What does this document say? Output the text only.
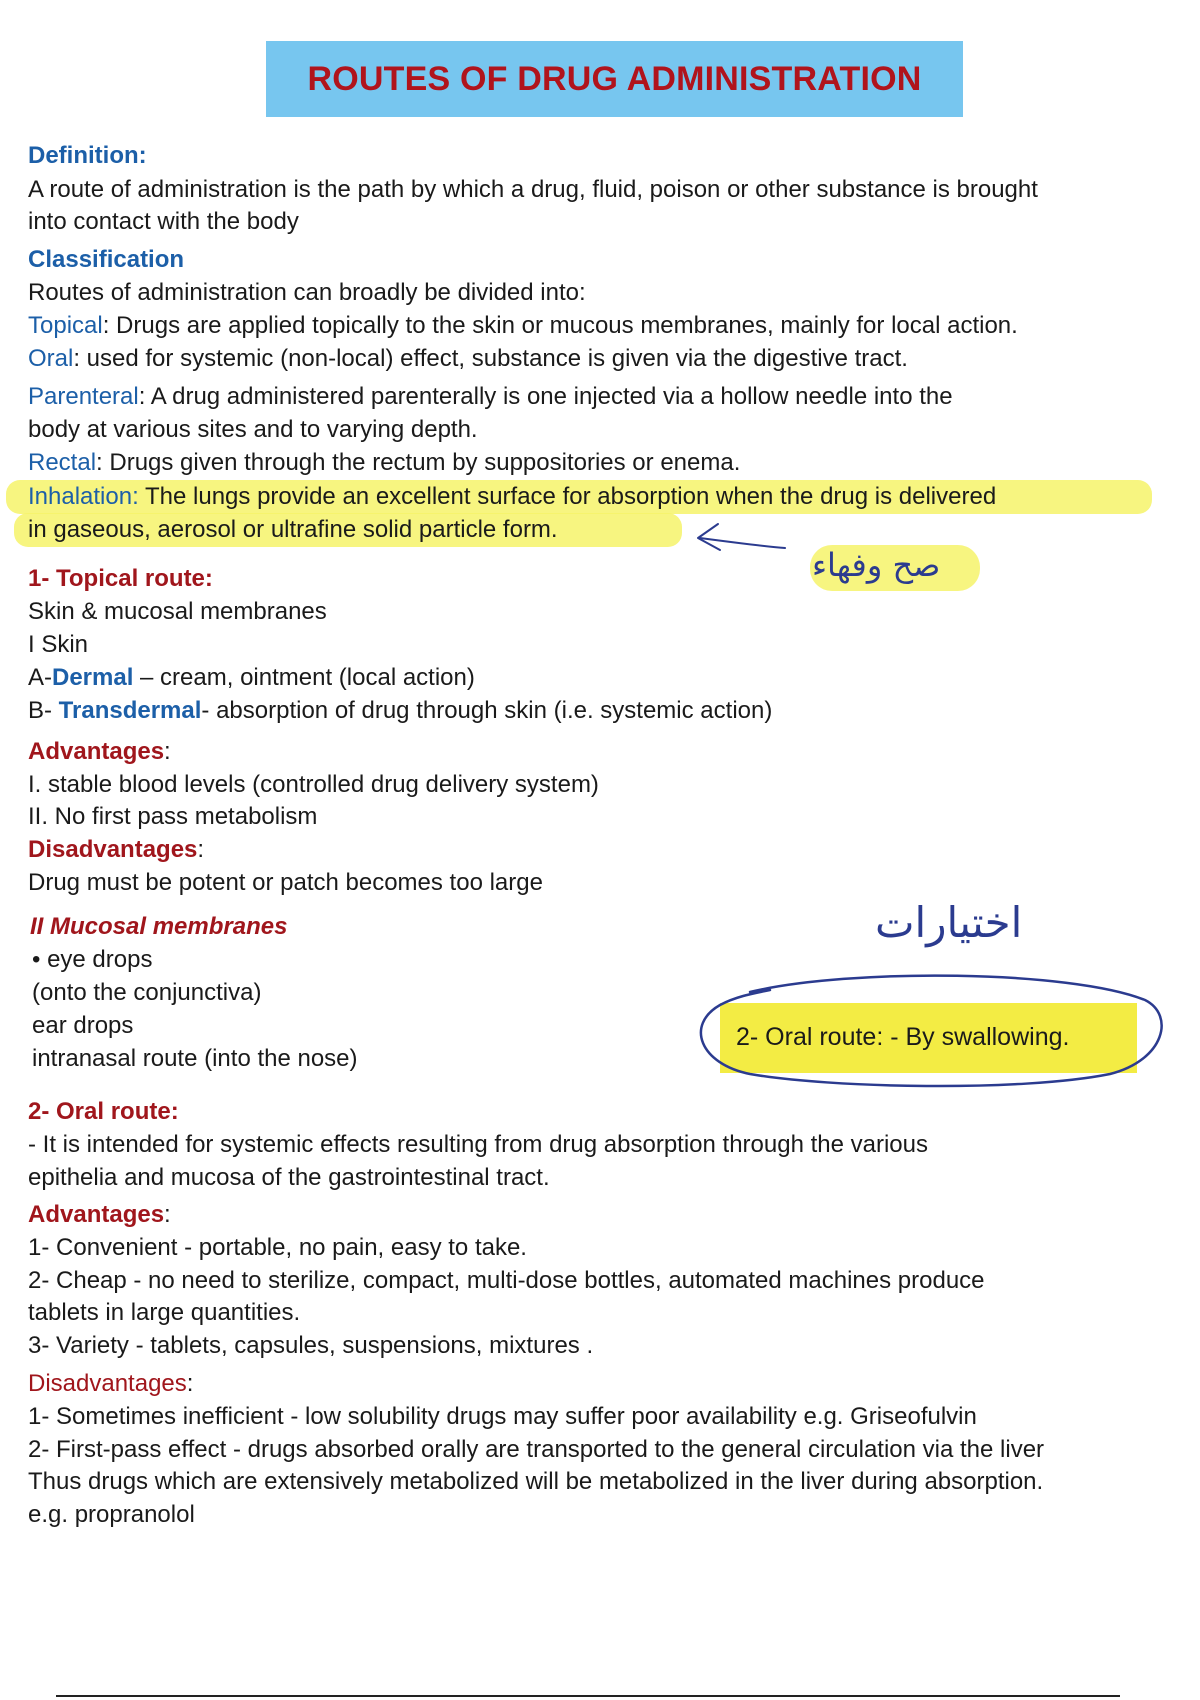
ROUTES OF DRUG ADMINISTRATION
Definition:
A route of administration is the path by which a drug, fluid, poison or other substance is brought
into contact with the body
Classification
Routes of administration can broadly be divided into:
Topical: Drugs are applied topically to the skin or mucous membranes, mainly for local action.
Oral: used for systemic (non-local) effect, substance is given via the digestive tract.
Parenteral: A drug administered parenterally is one injected via a hollow needle into the
body at various sites and to varying depth.
Rectal: Drugs given through the rectum by suppositories or enema.
Inhalation: The lungs provide an excellent surface for absorption when the drug is delivered
in gaseous, aerosol or ultrafine solid particle form.
صح وفهاء
1- Topical route:
Skin & mucosal membranes
I Skin
A-Dermal – cream, ointment (local action)
B- Transdermal- absorption of drug through skin (i.e. systemic action)
Advantages:
I. stable blood levels (controlled drug delivery system)
II. No first pass metabolism
Disadvantages:
Drug must be potent or patch becomes too large
II Mucosal membranes
• eye drops
(onto the conjunctiva)
ear drops
intranasal route (into the nose)
اختيارات
2- Oral route: - By swallowing.
2- Oral route:
- It is intended for systemic effects resulting from drug absorption through the various
epithelia and mucosa of the gastrointestinal tract.
Advantages:
1- Convenient - portable, no pain, easy to take.
2- Cheap - no need to sterilize, compact, multi-dose bottles, automated machines produce
tablets in large quantities.
3- Variety - tablets, capsules, suspensions, mixtures .
Disadvantages:
1- Sometimes inefficient - low solubility drugs may suffer poor availability e.g. Griseofulvin
2- First-pass effect - drugs absorbed orally are transported to the general circulation via the liver
Thus drugs which are extensively metabolized will be metabolized in the liver during absorption.
e.g. propranolol
